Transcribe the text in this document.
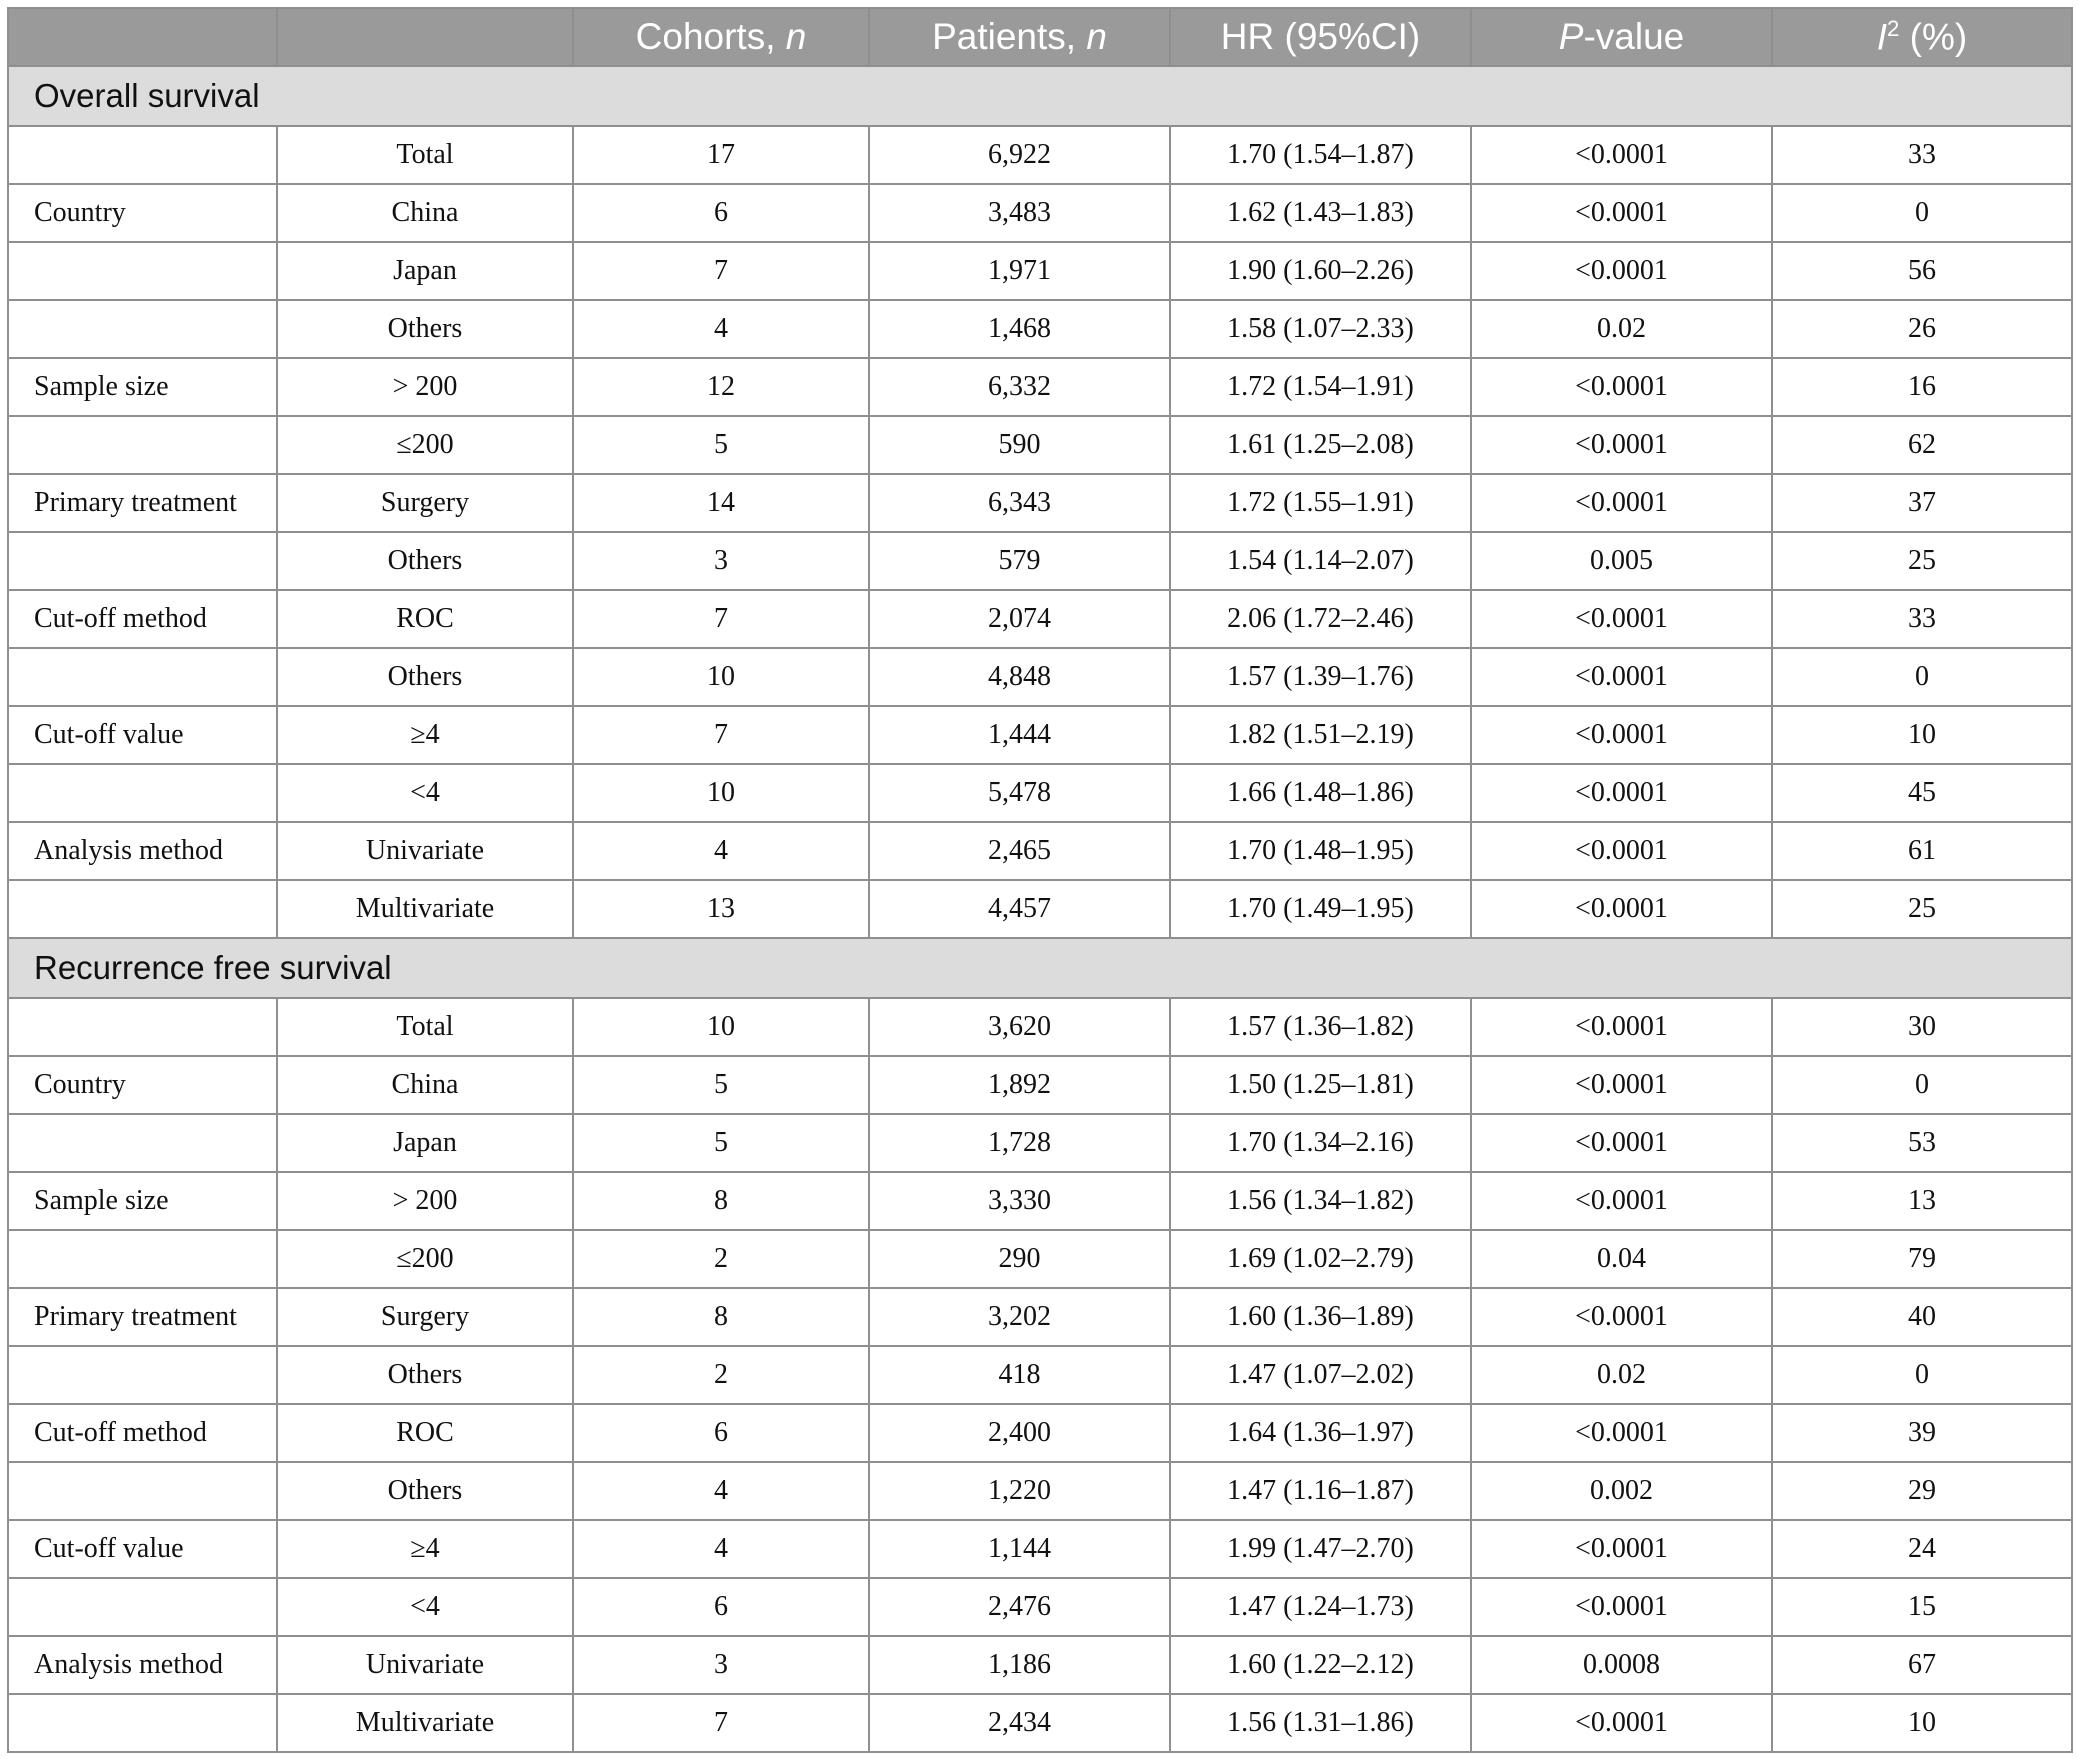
		Cohorts, n	Patients, n	HR (95%CI)	P-value	$I^2$ (%)
Overall survival						
	Total	17	6,922	1.70 (1.54–1.87)	<0.0001	33
Country	China	6	3,483	1.62 (1.43–1.83)	<0.0001	0
	Japan	7	1,971	1.90 (1.60–2.26)	<0.0001	56
	Others	4	1,468	1.58 (1.07–2.33)	0.02	26
Sample size	> 200	12	6,332	1.72 (1.54–1.91)	<0.0001	16
	≤200	5	590	1.61 (1.25–2.08)	<0.0001	62
Primary treatment	Surgery	14	6,343	1.72 (1.55–1.91)	<0.0001	37
	Others	3	579	1.54 (1.14–2.07)	0.005	25
Cut-off method	ROC	7	2,074	2.06 (1.72–2.46)	<0.0001	33
	Others	10	4,848	1.57 (1.39–1.76)	<0.0001	0
Cut-off value	≥4	7	1,444	1.82 (1.51–2.19)	<0.0001	10
	<4	10	5,478	1.66 (1.48–1.86)	<0.0001	45
Analysis method	Univariate	4	2,465	1.70 (1.48–1.95)	<0.0001	61
	Multivariate	13	4,457	1.70 (1.49–1.95)	<0.0001	25
Recurrence free survival						
	Total	10	3,620	1.57 (1.36–1.82)	<0.0001	30
Country	China	5	1,892	1.50 (1.25–1.81)	<0.0001	0
	Japan	5	1,728	1.70 (1.34–2.16)	<0.0001	53
Sample size	> 200	8	3,330	1.56 (1.34–1.82)	<0.0001	13
	≤200	2	290	1.69 (1.02–2.79)	0.04	79
Primary treatment	Surgery	8	3,202	1.60 (1.36–1.89)	<0.0001	40
	Others	2	418	1.47 (1.07–2.02)	0.02	0
Cut-off method	ROC	6	2,400	1.64 (1.36–1.97)	<0.0001	39
	Others	4	1,220	1.47 (1.16–1.87)	0.002	29
Cut-off value	≥4	4	1,144	1.99 (1.47–2.70)	<0.0001	24
	<4	6	2,476	1.47 (1.24–1.73)	<0.0001	15
Analysis method	Univariate	3	1,186	1.60 (1.22–2.12)	0.0008	67
	Multivariate	7	2,434	1.56 (1.31–1.86)	<0.0001	10
